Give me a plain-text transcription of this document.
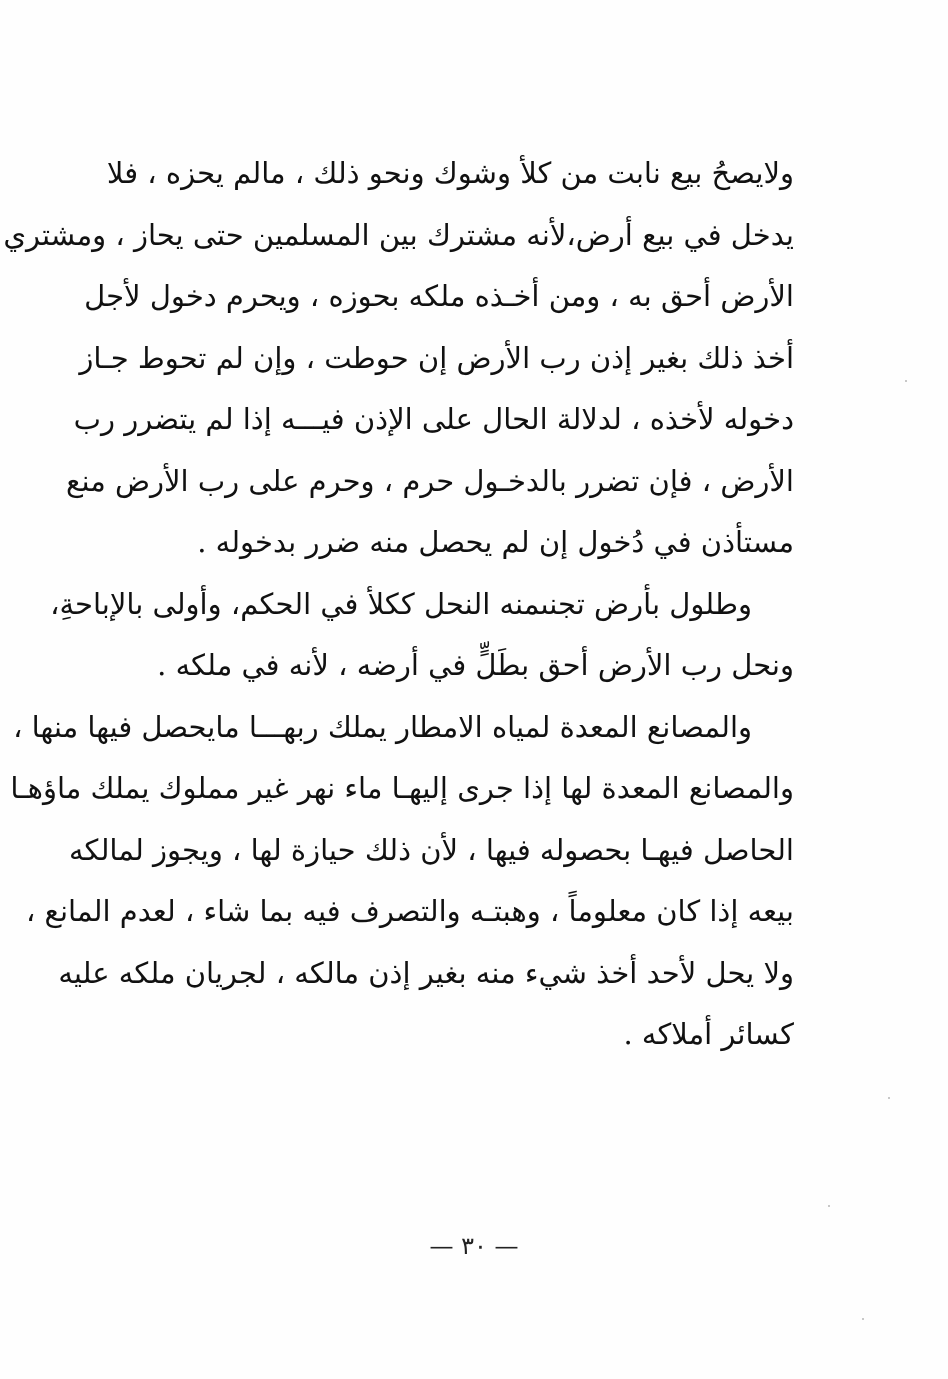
ولايصحُ بيع نابت من كلأ وشوك ونحو ذلك ، مالم يحزه ، فلا
يدخل في بيع أرض،لأنه مشترك بين المسلمين حتى يحاز ، ومشتري
الأرض أحق به ، ومن أخـذه ملكه بحوزه ، ويحرم دخول لأجل
أخذ ذلك بغير إذن رب الأرض إن حوطت ، وإن لم تحوط جـاز
دخوله لأخذه ، لدلالة الحال على الإذن فيـــه إذا لم يتضرر رب
الأرض ، فإن تضرر بالدخـول حرم ، وحرم على رب الأرض منع
مستأذن في دُخول إن لم يحصل منه ضرر بدخوله .
وطلول بأرض تجنىمنه النحل ككلأ في الحكم، وأولى بالإباحةِ،
ونحل رب الأرض أحق بطَلٍّ في أرضه ، لأنه في ملكه .
والمصانع المعدة لمياه الامطار يملك ربهـــا مايحصل فيها منها ،
والمصانع المعدة لها إذا جرى إليهـا ماء نهر غير مملوك يملك ماؤهـا
الحاصل فيهـا بحصوله فيها ، لأن ذلك حيازة لها ، ويجوز لمالكه
بيعه إذا كان معلوماً ، وهبتـه والتصرف فيه بما شاء ، لعدم المانع ،
ولا يحل لأحد أخذ شيء منه بغير إذن مالكه ، لجريان ملكه عليه
كسائر أملاكه .
— ٣٠ —
